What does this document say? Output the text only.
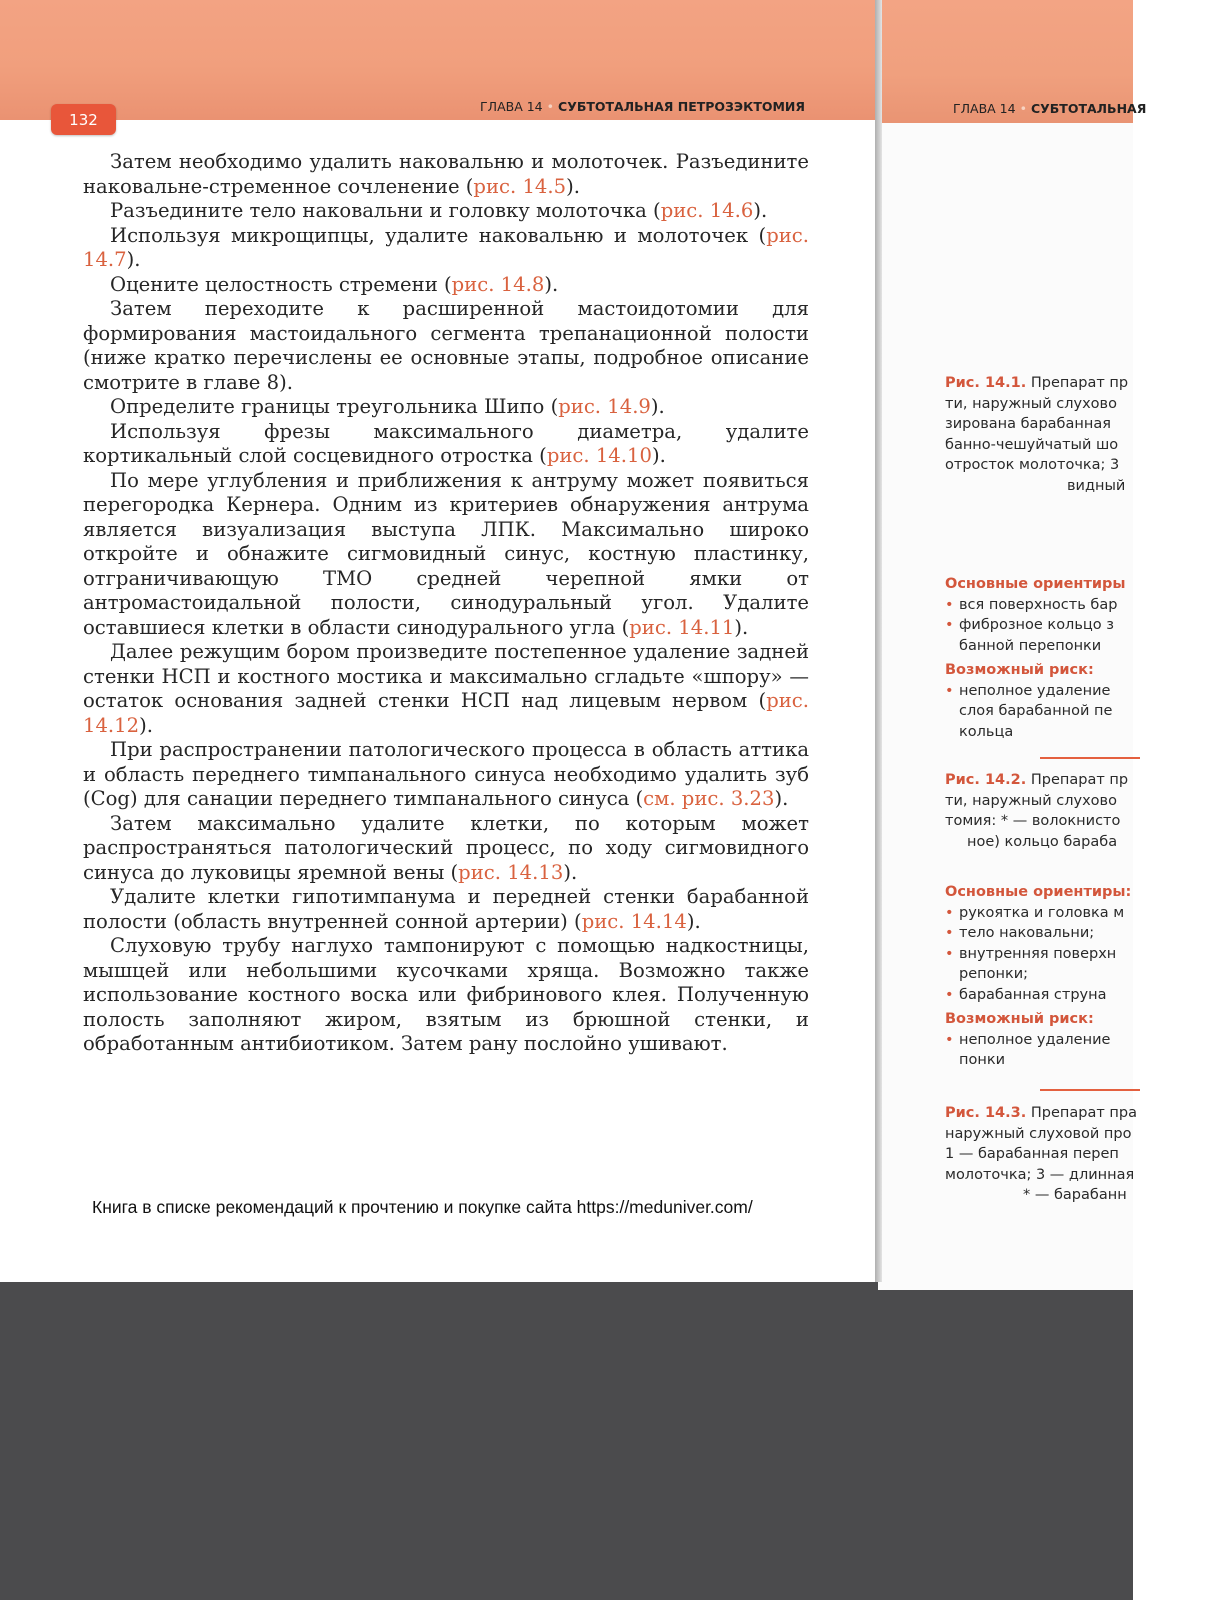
ГЛАВА 14 • СУБТОТАЛЬНАЯ
Рис. 14.1. Препарат пр
ти, наружный слухово
зирована барабанная
банно-чешуйчатый шо
отросток молоточка; 3
видный
Основные ориентиры
• вся поверхность бар
• фиброзное кольцо з
банной перепонки
Возможный риск:
• неполное удаление
слоя барабанной пе
кольца
Рис. 14.2. Препарат пр
ти, наружный слухово
томия: * — волокнисто
ное) кольцо бараба
Основные ориентиры:
• рукоятка и головка м
• тело наковальни;
• внутренняя поверхн
репонки;
• барабанная струна
Возможный риск:
• неполное удаление
понки
Рис. 14.3. Препарат пра
наружный слуховой про
1 — барабанная переп
молоточка; 3 — длинная
* — барабанн
ГЛАВА 14 • СУБТОТАЛЬНАЯ ПЕТРОЗЭКТОМИЯ
132

Затем необходимо удалить наковальню и молоточек. Разъедините наковальне-стременное сочленение (рис. 14.5).

Разъедините тело наковальни и головку молоточка (рис. 14.6).

Используя микрощипцы, удалите наковальню и молоточек (рис. 14.7).

Оцените целостность стремени (рис. 14.8).

Затем переходите к расширенной мастоидотомии для формирования мастоидального сегмента трепанационной полости (ниже кратко перечислены ее основные этапы, подробное описание смотрите в главе 8).

Определите границы треугольника Шипо (рис. 14.9).

Используя фрезы максимального диаметра, удалите кортикальный слой сосцевидного отростка (рис. 14.10).

По мере углубления и приближения к антруму может появиться перегородка Кернера. Одним из критериев обнаружения антрума является визуализация выступа ЛПК. Максимально широко откройте и обнажите сигмовидный синус, костную пластинку, отграничивающую ТМО средней черепной ямки от антромастоидальной полости, синодуральный угол. Удалите оставшиеся клетки в области синодурального угла (рис. 14.11).

Далее режущим бором произведите постепенное удаление задней стенки НСП и костного мостика и максимально сгладьте «шпору» — остаток основания задней стенки НСП над лицевым нервом (рис. 14.12).

При распространении патологического процесса в область аттика и область переднего тимпанального синуса необходимо удалить зуб (Cog) для санации переднего тимпанального синуса (см. рис. 3.23).

Затем максимально удалите клетки, по которым может распространяться патологический процесс, по ходу сигмовидного синуса до луковицы яремной вены (рис. 14.13).

Удалите клетки гипотимпанума и передней стенки барабанной полости (область внутренней сонной артерии) (рис. 14.14).

Слуховую трубу наглухо тампонируют с помощью надкостницы, мышцей или небольшими кусочками хряща. Возможно также использование костного воска или фибринового клея. Полученную полость заполняют жиром, взятым из брюшной стенки, и обработанным антибиотиком. Затем рану послойно ушивают.

Книга в списке рекомендаций к прочтению и покупке сайта https://meduniver.com/
